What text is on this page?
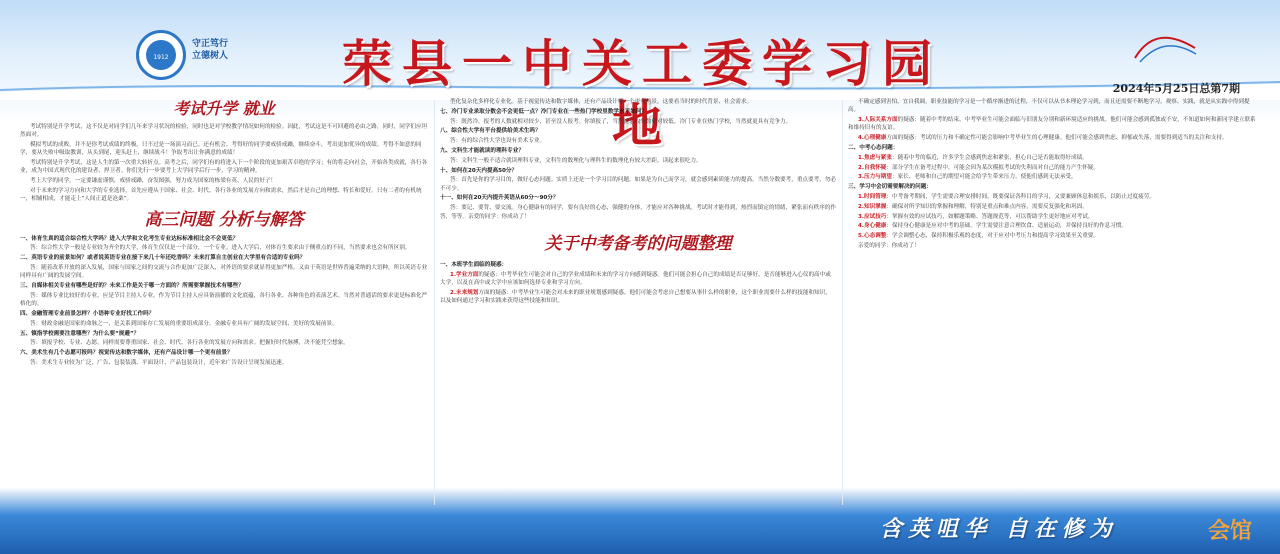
1912
守正笃行 立德树人	荣县一中关工委学习园地
2024年5月25日总第7期
考试升学 就业

考试特别是升学考试，这不仅是对同学们几年来学习状况的检验，同时也是对学校教学情况如何的检验。因此，考试这是不可回避的必由之路，同时，同学们应坦然面对。

模拟考试的成败，并不是你考试成绩的终极。只不过是一场演习而已。还有机会。考得好的同学要戒骄戒躁，继续奋斗，考出更加优异的成绩。考得不如意的同学，要从失败中吸取教训，从头到尾，迎头赶上，继续战斗！争取考出让你满意的成绩！

考试特别是升学考试，这是人生的第一次重大转折点。高考之后，同学们有的将进入下一个阶段的更加艰苦卓绝的学习；有的将走向社会，开始各类成就，各行各业，成为中国式现代化的建设者、捍卫者。你们先行一步要考上大学同学后行一步，学习的精神。

考上大学的同学，一定要谦虚谨慎，戒骄戒躁，奋发图强，努力成为国家的栋梁有英、人民的好子！

对于未来的学习方向和大学的专业选择，首先应遵从于国家、社会、时代、各行各业的发展方向和需求，然后才是自己的理想、特长和爱好。只有二者的有机统一，相辅相成，才能走上“人间正道是沧桑”。

高三问题 分析与解答

一、体育生真的适合综合性大学吗？进入大学和文化考生专业达标标准相比会不会更低？

答：综合性大学一般是专业较为齐全的大学，体育生仅仅是一个部分，一个专业。进入大学后，对体育生要求由于侧重点的不同，当然要求也会有所区别。

二、英语专业的前景如何？或者说英语专业在接下来几十年还吃香吗？未来打算自主创业在大学里有合适的专业吗？

答：随着改革开放的深入发展，国家与国家之间的交流与合作更加广泛深入，对外语的要求就显得更加严格。又由于英语是世界普遍采纳的大语种，所以英语专业同样具有广阔的发展空间。

三、自媒体相关专业有哪些是好的？未来工作是关于哪一方面的？所需要掌握技术有哪些？

答：媒体专业比较好的专业，应是节目主持人专业。作为节目主持人应具备演播的文化底蕴，各行各业、各种角色的表演艺术。当然对普通话的要求更是标准化严格化的。

四、金融管理专业前景怎样？小语种专业好找工作吗？

答：财政金融是国家的命脉之一，是关系到国家存亡发展的重要组成部分。金融专业具有广阔的发展空间、美好的发展前景。

五、镇指学校需要注意哪些？为什么要“规避”？

答：填报学校、专业、志愿，同样需要尊重国家、社会、时代、各行各业的发展方向和需求。把握好时代脉搏，决不能凭空想象。

六、美术生有几个志愿可报吗？视觉传达和数字媒体，还有产品设计哪一个更有前景？

答：美术生专业较为广泛，广告、包装装潢、平面设计、产品包装设计，近年来广告设计呈现发展迅速。

型化复杂化多样化专业化。基于视觉传达和数字媒体，还有产品设计哪一个更有前景，这要看当时的时代背景、社会需求。

七、冷门专业录取分数会不会更低一点？冷门专业在一些热门学校里数学水平如何？

答：既然冷，报考的人数就相对较少，甚至没人报考。你填报了，当然就录取分数相对较低。冷门专业在热门学校，当然就更具有竞争力。

八、综合性大学有平台提供给美术生吗？

答：有的综合性大学也设有美术专业。

九、文科生才能就读的理科专业？

答：文科生一般不适合就读理科专业，文科生的数理化与理科生的数理化有较大差距，读起来很吃力。

十、如何在20天内提高50分？

答：首先是你的学习目的，做好心态问题。实质上还是一个学习目的问题。如果是为自己而学习，就会感到素质能力的提高。当然分数要考，重点要考，勿必不可少。

十一、如何在20天内提升英语从60分～90分？

答：要记、要背、要交流。身心健康有的同学，要有良好的心态，强健的身体，才能应对各种挑战。考试时才能得到，热烈而镇定的情绪，紧张而有秩序的作答，等等。亲爱的同学：你成功了！

关于中考备考的问题整理

一、本班学生面临的疑惑：

1.学业方面的疑惑：中考毕业生可能会对自己的学业成绩和未来的学习方向感到疑惑。他们可能会担心自己的成绩是否足够好，是否能够进入心仪的高中或大学，以及在高中或大学中应该如何选择专业和学习方向。

2.未来规划方面的疑惑：中考毕业生可能会对未来的职业规划感到疑惑。他们可能会考虑自己想要从事什么样的职业，这个职业需要什么样的技能和知识，以及如何通过学习和实践来获得这些技能和知识。

不确定感到害怕，宜自我调，职业技能的学习是一个循序渐进的过程，不仅可以从书本理论学习到，而且还需要不断地学习，观察、实践，就是从实践中得到提高。

3.人际关系方面的疑惑：随着中考的结束，中考毕业生可能会面临与旧朋友分别和新环境适应的挑战。他们可能会感到孤独或不安，不知道如何和新同学建立联系和维持旧有的友谊。

4.心理健康方面的疑惑：考试的压力和不确定性可能会影响中考毕业生的心理健康。他们可能会感到焦虑、抑郁或失落，需要得到适当的关注和支持。

二、中考心态问题：

1.焦虑与紧张：随着中考的临近，许多学生会感到焦虑和紧张，担心自己是否能取得好成绩。

2.自我怀疑：部分学生在备考过程中，可能会因为某次模拟考试的失利而对自己的能力产生怀疑。

3.压力与期望：家长、老师和自己的期望可能会给学生带来压力，使他们感到无法承受。

三、学习中会切需要解决的问题：

1.时间管理：中考备考期间，学生需要合理安排时间，既要保证各科目的学习，又要兼顾休息和娱乐，以防止过度疲劳。

2.知识掌握：确保对所学知识的掌握和理解，特别是重点和难点内容，需要反复强化和巩固。

3.应试技巧：掌握有效的应试技巧，如解题策略、答题规范等，可以帮助学生更好地应对考试。

4.身心健康：保持身心健康是应对中考的基础。学生需要注意合理饮食、适量运动，并保持良好的作息习惯。

5.心态调整：学会调整心态，保持积极乐观的态度，对于应对中考压力和提高学习效果至关重要。

亲爱的同学：你成功了！

含英咀华 自在修为	会馆
